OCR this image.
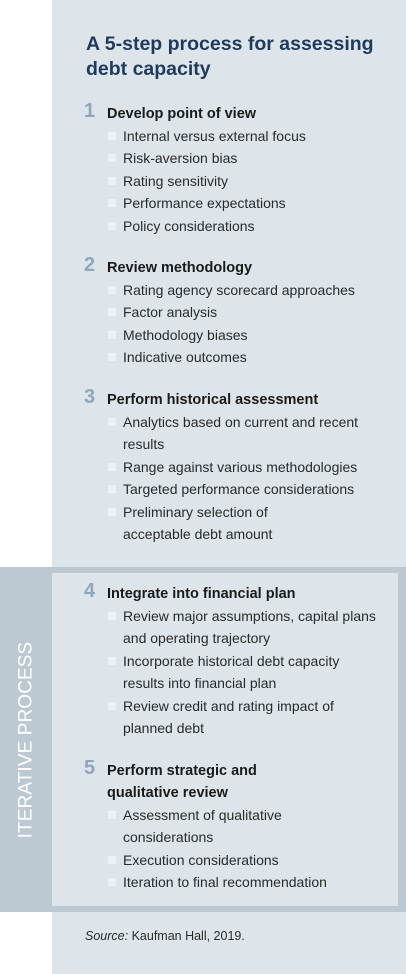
ITERATIVE PROCESS
A 5-step process for assessing debt capacity
1 Develop point of view
Internal versus external focus
Risk-aversion bias
Rating sensitivity
Performance expectations
Policy considerations
2 Review methodology
Rating agency scorecard approaches
Factor analysis
Methodology biases
Indicative outcomes
3 Perform historical assessment
Analytics based on current and recent results
Range against various methodologies
Targeted performance considerations
Preliminary selection of acceptable debt amount
4 Integrate into financial plan
Review major assumptions, capital plans and operating trajectory
Incorporate historical debt capacity results into financial plan
Review credit and rating impact of planned debt
5 Perform strategic and qualitative review
Assessment of qualitative considerations
Execution considerations
Iteration to final recommendation
Source: Kaufman Hall, 2019.
